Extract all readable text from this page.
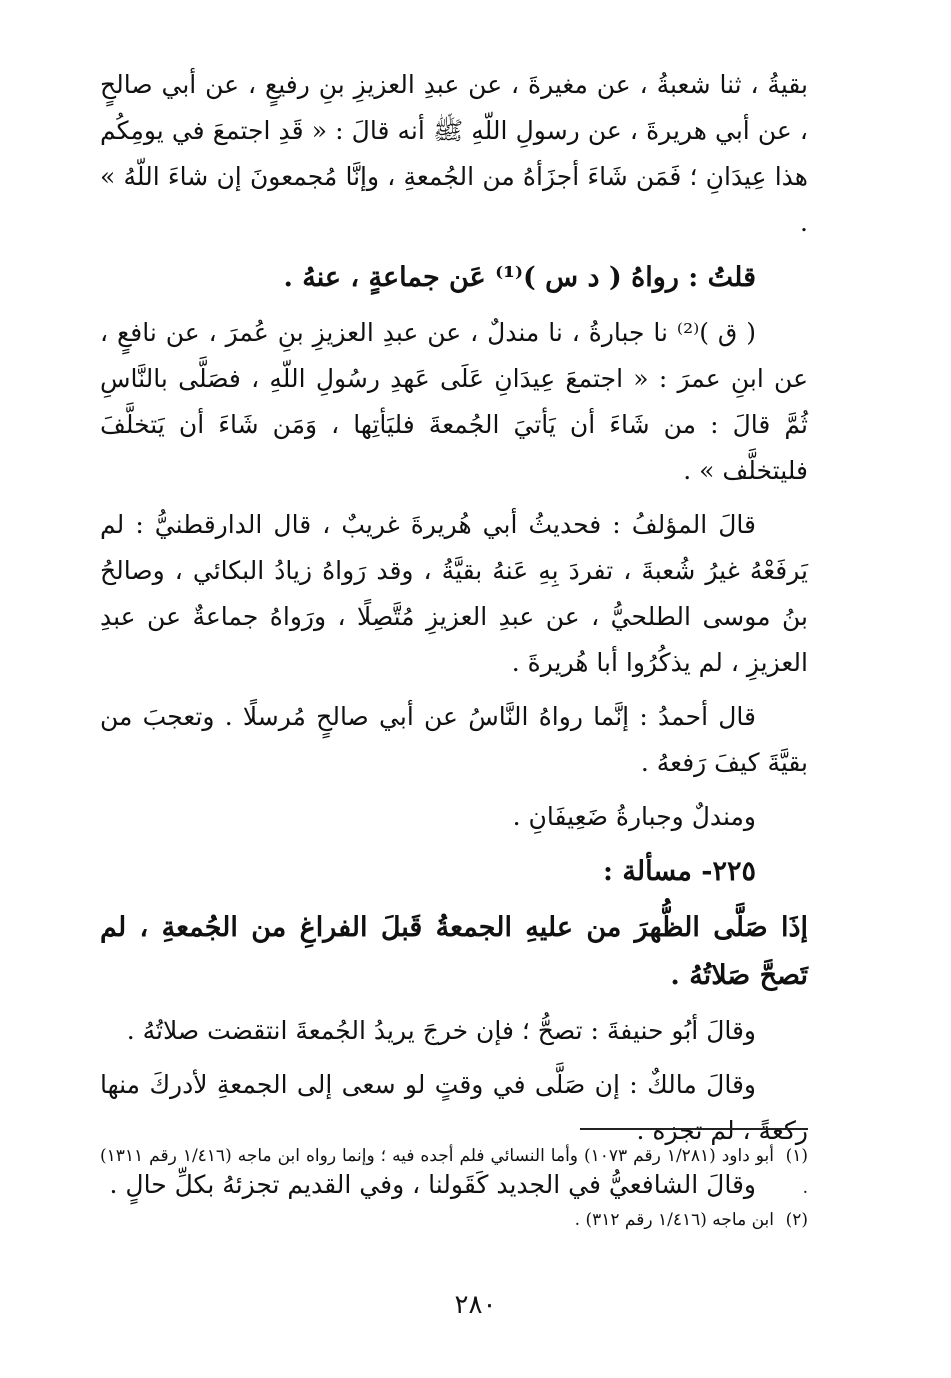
بقيةُ ، ثنا شعبةُ ، عن مغيرةَ ، عن عبدِ العزيزِ بنِ رفيعٍ ، عن أبي صالحٍ ، عن أبي هريرةَ ، عن رسولِ اللّهِ ﷺ أنه قالَ : « قَدِ اجتمعَ في يومِكُم هذا عِيدَانِ ؛ فَمَن شَاءَ أجزَأهُ من الجُمعةِ ، وإنَّا مُجمعونَ إن شاءَ اللّهُ » .

قلتُ : رواهُ ( د س )⁽¹⁾ عَن جماعةٍ ، عنهُ .

( ق )⁽²⁾ نا جبارةُ ، نا مندلٌ ، عن عبدِ العزيزِ بنِ عُمرَ ، عن نافعٍ ، عن ابنِ عمرَ : « اجتمعَ عِيدَانِ عَلَى عَهدِ رسُولِ اللّهِ ، فصَلَّى بالنَّاسِ ثُمَّ قالَ : من شَاءَ أن يَأتيَ الجُمعةَ فليَأتِها ، وَمَن شَاءَ أن يَتخلَّفَ فليتخلَّف » .

قالَ المؤلفُ : فحديثُ أبي هُريرةَ غريبٌ ، قال الدارقطنيُّ : لم يَرفَعْهُ غيرُ شُعبةَ ، تفردَ بِهِ عَنهُ بقيَّةُ ، وقد رَواهُ زيادُ البكائي ، وصالحُ بنُ موسى الطلحيُّ ، عن عبدِ العزيزِ مُتَّصِلًا ، ورَواهُ جماعةٌ عن عبدِ العزيزِ ، لم يذكُرُوا أبا هُريرةَ .

قال أحمدُ : إنَّما رواهُ النَّاسُ عن أبي صالحٍ مُرسلًا . وتعجبَ من بقيَّةَ كيفَ رَفعهُ .

ومندلٌ وجبارةُ ضَعِيفَانِ .

٢٢٥- مسألة :

إذَا صَلَّى الظُّهرَ من عليهِ الجمعةُ قَبلَ الفراغِ من الجُمعةِ ، لم تَصحَّ صَلاتُهُ .

وقالَ أبُو حنيفةَ : تصحُّ ؛ فإن خرجَ يريدُ الجُمعةَ انتقضت صلاتُهُ .

وقالَ مالكٌ : إن صَلَّى في وقتٍ لو سعى إلى الجمعةِ لأدركَ منها ركعةً ، لم تجزه .

وقالَ الشافعيُّ في الجديد كَقَولنا ، وفي القديم تجزئهُ بكلِّ حالٍ .

(١)أبو داود (١/٢٨١ رقم ١٠٧٣) وأما النسائي فلم أجده فيه ؛ وإنما رواه ابن ماجه (١/٤١٦ رقم ١٣١١) .

(٢)ابن ماجه (١/٤١٦ رقم ٣١٢) .

٢٨٠
